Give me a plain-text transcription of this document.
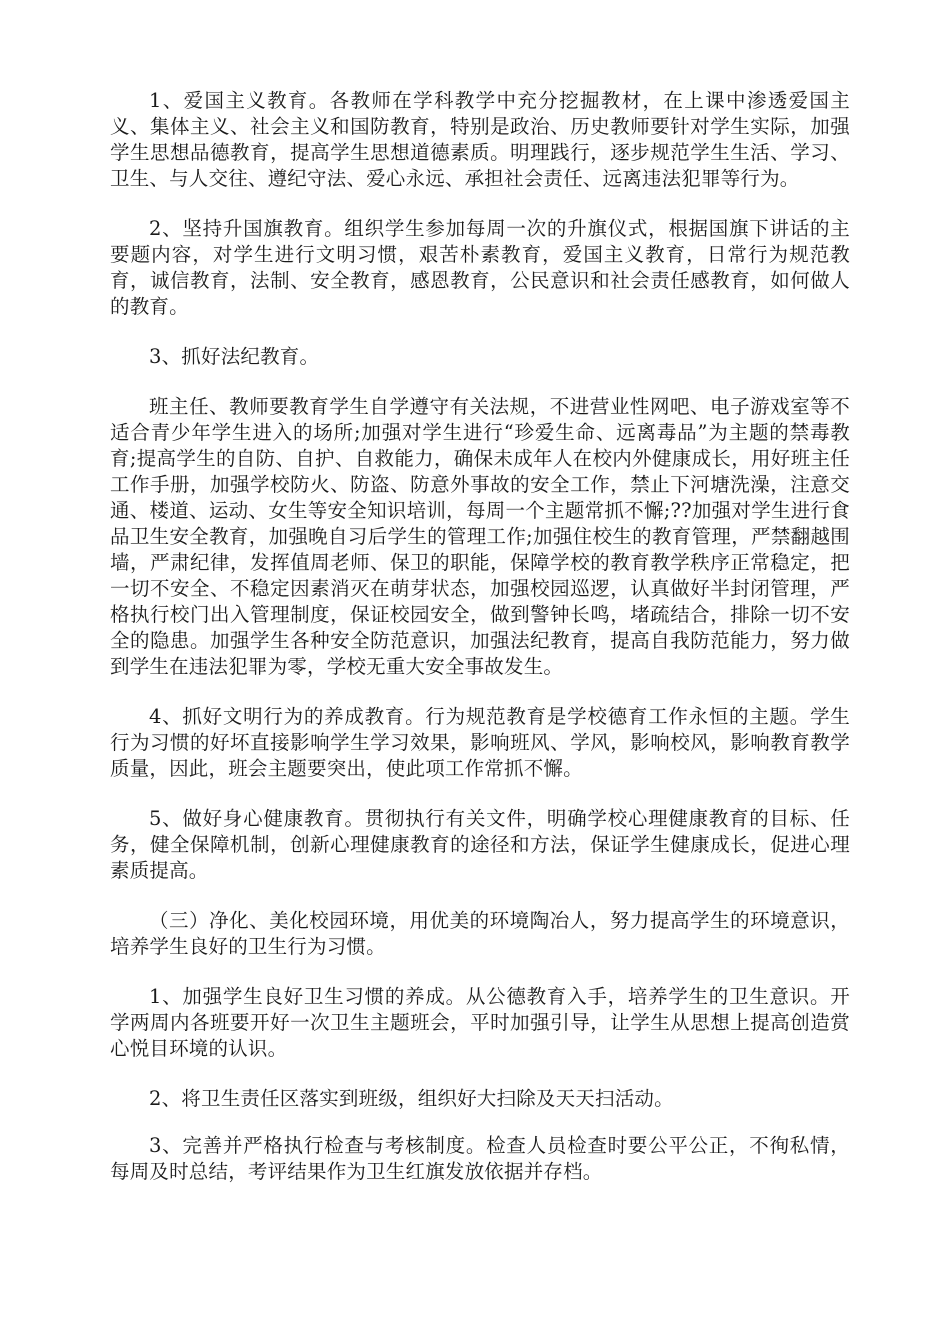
1、爱国主义教育。各教师在学科教学中充分挖掘教材，在上课中渗透爱国主义、集体主义、社会主义和国防教育，特别是政治、历史教师要针对学生实际，加强学生思想品德教育，提高学生思想道德素质。明理践行，逐步规范学生生活、学习、卫生、与人交往、遵纪守法、爱心永远、承担社会责任、远离违法犯罪等行为。

2、坚持升国旗教育。组织学生参加每周一次的升旗仪式，根据国旗下讲话的主要题内容，对学生进行文明习惯，艰苦朴素教育，爱国主义教育，日常行为规范教育，诚信教育，法制、安全教育，感恩教育，公民意识和社会责任感教育，如何做人的教育。

3、抓好法纪教育。

班主任、教师要教育学生自学遵守有关法规，不进营业性网吧、电子游戏室等不适合青少年学生进入的场所;加强对学生进行“珍爱生命、远离毒品”为主题的禁毒教育;提高学生的自防、自护、自救能力，确保未成年人在校内外健康成长，用好班主任工作手册，加强学校防火、防盗、防意外事故的安全工作，禁止下河塘洗澡，注意交通、楼道、运动、女生等安全知识培训，每周一个主题常抓不懈;??加强对学生进行食品卫生安全教育，加强晚自习后学生的管理工作;加强住校生的教育管理，严禁翻越围墙，严肃纪律，发挥值周老师、保卫的职能，保障学校的教育教学秩序正常稳定，把一切不安全、不稳定因素消灭在萌芽状态，加强校园巡逻，认真做好半封闭管理，严格执行校门出入管理制度，保证校园安全，做到警钟长鸣，堵疏结合，排除一切不安全的隐患。加强学生各种安全防范意识，加强法纪教育，提高自我防范能力，努力做到学生在违法犯罪为零，学校无重大安全事故发生。

4、抓好文明行为的养成教育。行为规范教育是学校德育工作永恒的主题。学生行为习惯的好坏直接影响学生学习效果，影响班风、学风，影响校风，影响教育教学质量，因此，班会主题要突出，使此项工作常抓不懈。

5、做好身心健康教育。贯彻执行有关文件，明确学校心理健康教育的目标、任务，健全保障机制，创新心理健康教育的途径和方法，保证学生健康成长，促进心理素质提高。

（三）净化、美化校园环境，用优美的环境陶冶人，努力提高学生的环境意识，培养学生良好的卫生行为习惯。

1、加强学生良好卫生习惯的养成。从公德教育入手，培养学生的卫生意识。开学两周内各班要开好一次卫生主题班会，平时加强引导，让学生从思想上提高创造赏心悦目环境的认识。

2、将卫生责任区落实到班级，组织好大扫除及天天扫活动。

3、完善并严格执行检查与考核制度。检查人员检查时要公平公正，不徇私情，每周及时总结，考评结果作为卫生红旗发放依据并存档。
